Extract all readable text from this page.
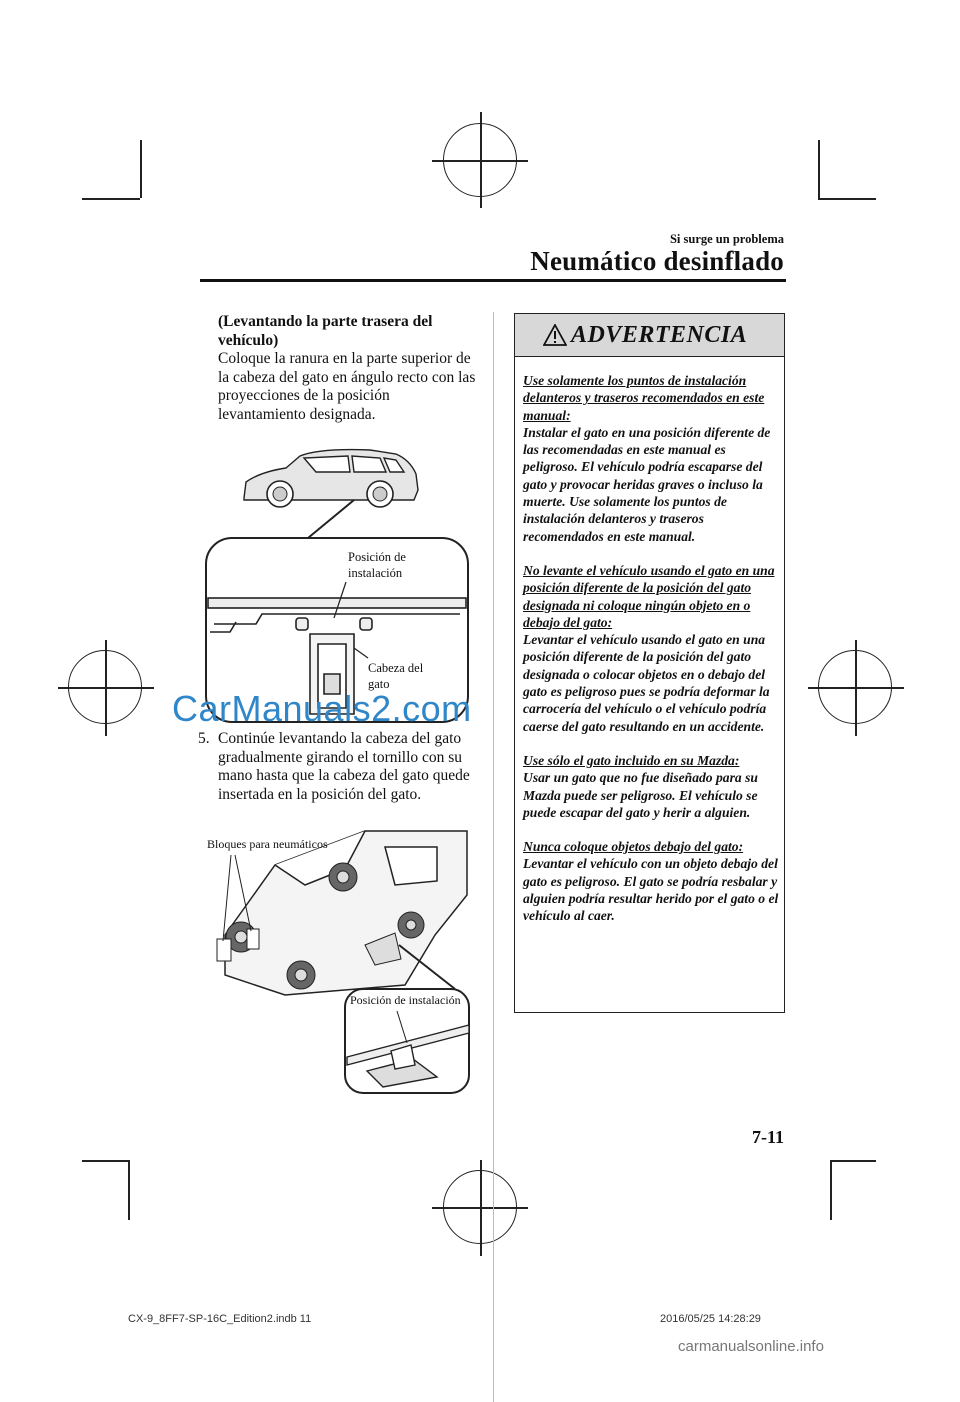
Si surge un problema
Neumático desinflado
(Levantando la parte trasera del vehículo)
Coloque la ranura en la parte superior de la cabeza del gato en ángulo recto con las proyecciones de la posición levantamiento designada.
Posición de instalación
Cabeza del gato
CarManuals2.com
5. Continúe levantando la cabeza del gato gradualmente girando el tornillo con su mano hasta que la cabeza del gato quede insertada en la posición del gato.
Bloques para neumáticos
Posición de instalación
ADVERTENCIA
Use solamente los puntos de instalación delanteros y traseros recomendados en este manual:
Instalar el gato en una posición diferente de las recomendadas en este manual es peligroso. El vehículo podría escaparse del gato y provocar heridas graves o incluso la muerte. Use solamente los puntos de instalación delanteros y traseros recomendados en este manual.
No levante el vehículo usando el gato en una posición diferente de la posición del gato designada ni coloque ningún objeto en o debajo del gato:
Levantar el vehículo usando el gato en una posición diferente de la posición del gato designada o colocar objetos en o debajo del gato es peligroso pues se podría deformar la carrocería del vehículo o el vehículo podría caerse del gato resultando en un accidente.
Use sólo el gato incluido en su Mazda:
Usar un gato que no fue diseñado para su Mazda puede ser peligroso. El vehículo se puede escapar del gato y herir a alguien.
Nunca coloque objetos debajo del gato:
Levantar el vehículo con un objeto debajo del gato es peligroso. El gato se podría resbalar y alguien podría resultar herido por el gato o el vehículo al caer.
7-11
CX-9_8FF7-SP-16C_Edition2.indb 11	2016/05/25 14:28:29
carmanualsonline.info
